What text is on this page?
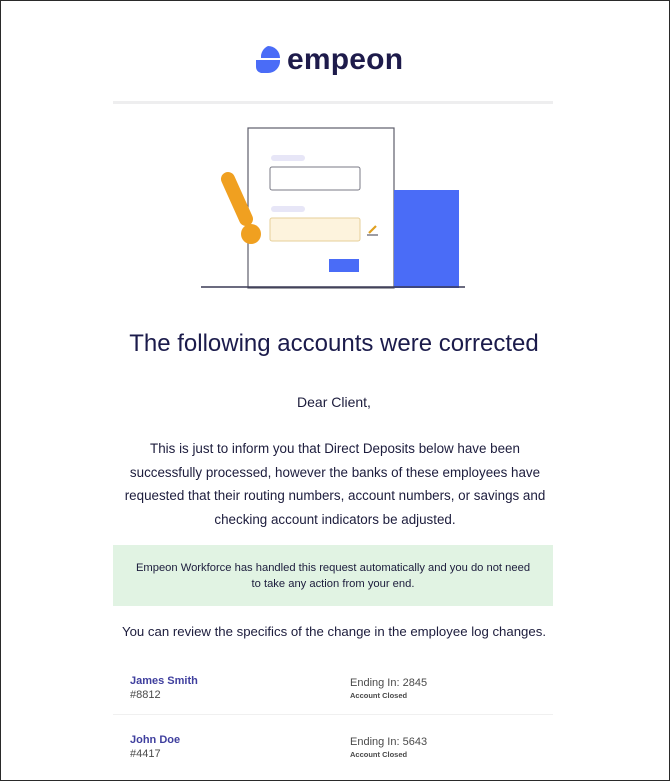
empeon
The following accounts were corrected
Dear Client,
This is just to inform you that Direct Deposits below have been successfully processed, however the banks of these employees have requested that their routing numbers, account numbers, or savings and checking account indicators be adjusted.
Empeon Workforce has handled this request automatically and you do not need to take any action from your end.
You can review the specifics of the change in the employee log changes.
James Smith
#8812
Ending In: 2845
Account Closed
John Doe
#4417
Ending In: 5643
Account Closed
